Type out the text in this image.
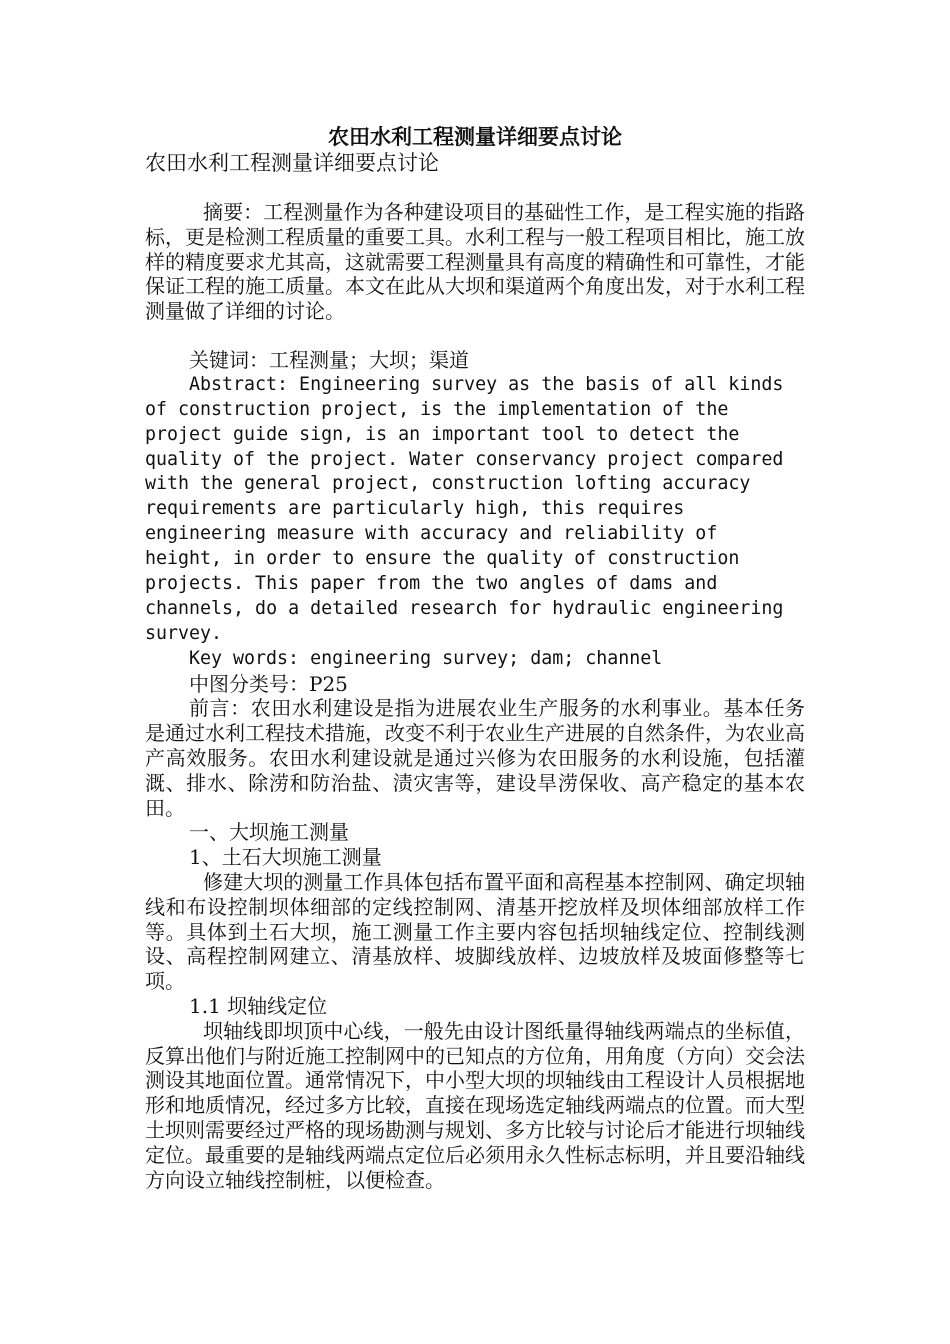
农田水利工程测量详细要点讨论

农田水利工程测量详细要点讨论

摘要：工程测量作为各种建设项目的基础性工作，是工程实施的指路标，更是检测工程质量的重要工具。水利工程与一般工程项目相比，施工放样的精度要求尤其高，这就需要工程测量具有高度的精确性和可靠性，才能保证工程的施工质量。本文在此从大坝和渠道两个角度出发，对于水利工程测量做了详细的讨论。

关键词：工程测量；大坝；渠道

Abstract: Engineering survey as the basis of all kinds of construction project, is the implementation of the project guide sign, is an important tool to detect the quality of the project. Water conservancy project compared with the general project, construction lofting accuracy requirements are particularly high, this requires engineering measure with accuracy and reliability of height, in order to ensure the quality of construction projects. This paper from the two angles of dams and channels, do a detailed research for hydraulic engineering survey.

Key words: engineering survey; dam; channel

中图分类号：P25

前言：农田水利建设是指为进展农业生产服务的水利事业。基本任务是通过水利工程技术措施，改变不利于农业生产进展的自然条件，为农业高产高效服务。农田水利建设就是通过兴修为农田服务的水利设施，包括灌溉、排水、除涝和防治盐、渍灾害等，建设旱涝保收、高产稳定的基本农田。

一、大坝施工测量

1、土石大坝施工测量

修建大坝的测量工作具体包括布置平面和高程基本控制网、确定坝轴线和布设控制坝体细部的定线控制网、清基开挖放样及坝体细部放样工作等。具体到土石大坝，施工测量工作主要内容包括坝轴线定位、控制线测设、高程控制网建立、清基放样、坡脚线放样、边坡放样及坡面修整等七项。

1.1 坝轴线定位

坝轴线即坝顶中心线，一般先由设计图纸量得轴线两端点的坐标值，反算出他们与附近施工控制网中的已知点的方位角，用角度（方向）交会法测设其地面位置。通常情况下，中小型大坝的坝轴线由工程设计人员根据地形和地质情况，经过多方比较，直接在现场选定轴线两端点的位置。而大型土坝则需要经过严格的现场勘测与规划、多方比较与讨论后才能进行坝轴线定位。最重要的是轴线两端点定位后必须用永久性标志标明，并且要沿轴线方向设立轴线控制桩，以便检查。
